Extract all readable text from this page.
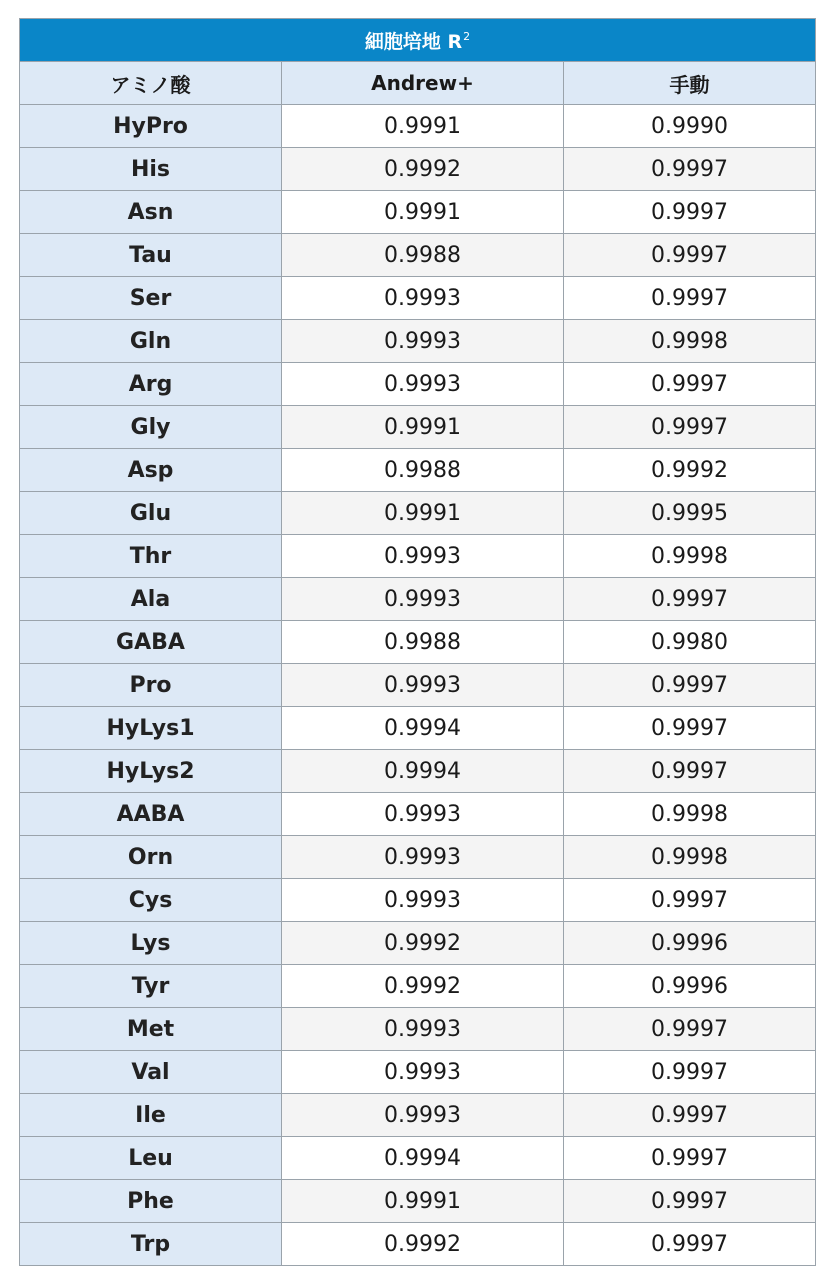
細胞培地 $R^2$
アミノ酸	Andrew+	手動
HyPro	0.9991	0.9990
His	0.9992	0.9997
Asn	0.9991	0.9997
Tau	0.9988	0.9997
Ser	0.9993	0.9997
Gln	0.9993	0.9998
Arg	0.9993	0.9997
Gly	0.9991	0.9997
Asp	0.9988	0.9992
Glu	0.9991	0.9995
Thr	0.9993	0.9998
Ala	0.9993	0.9997
GABA	0.9988	0.9980
Pro	0.9993	0.9997
HyLys1	0.9994	0.9997
HyLys2	0.9994	0.9997
AABA	0.9993	0.9998
Orn	0.9993	0.9998
Cys	0.9993	0.9997
Lys	0.9992	0.9996
Tyr	0.9992	0.9996
Met	0.9993	0.9997
Val	0.9993	0.9997
Ile	0.9993	0.9997
Leu	0.9994	0.9997
Phe	0.9991	0.9997
Trp	0.9992	0.9997
